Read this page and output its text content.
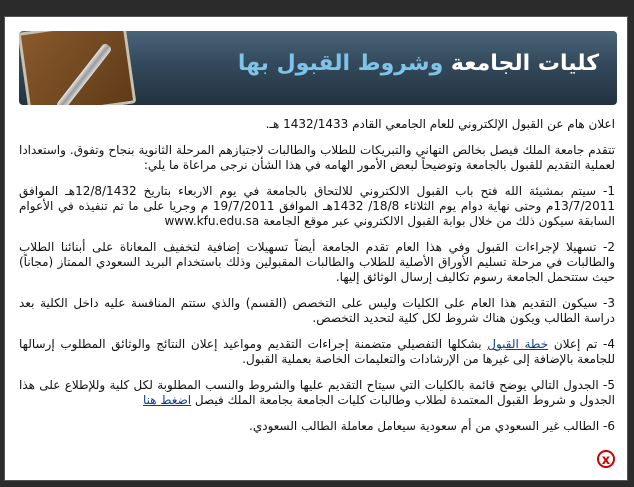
كليات الجامعة وشروط القبول بها

اعلان هام عن القبول الإلكتروني للعام الجامعي القادم 1432/1433 هـ.

تتقدم جامعة الملك فيصل بخالص التهاني والتبريكات للطلاب والطالبات لاجتيازهم المرحلة الثانوية بنجاح وتفوق. واستعدادا لعملية التقديم للقبول بالجامعة وتوضيحاً لبعض الأمور الهامه في هذا الشأن نرجى مراعاة ما يلي:

1- سيتم بمشيئة الله فتح باب القبول الالكتروني للالتحاق بالجامعة في يوم الاربعاء بتاريخ 12/8/1432هـ الموافق 13/7/2011م وحتى نهاية دوام يوم الثلاثاء 18/8/ 1432هـ الموافق 19/7/2011 م وجريا على ما تم تنفيذه في الأعوام السابقة سيكون ذلك من خلال بوابة القبول الالكتروني عبر موقع الجامعة www.kfu.edu.sa

2- تسهيلا لإجراءات القبول وفي هذا العام تقدم الجامعة أيضاً تسهيلات إضافية لتخفيف المعاناة على أبنائنا الطلاب والطالبات في مرحلة تسليم الأوراق الأصلية للطلاب والطالبات المقبولين وذلك باستخدام البريد السعودي الممتاز (مجاناً) حيث ستتحمل الجامعة رسوم تكاليف إرسال الوثائق إليها.

3- سيكون التقديم هذا العام على الكليات وليس على التخصص (القسم) والذي ستتم المنافسة عليه داخل الكلية بعد دراسة الطالب ويكون هناك شروط لكل كلية لتحديد التخصص.

4- تم إعلان خطة القبول بشكلها التفصيلي متضمنة إجراءات التقديم ومواعيد إعلان النتائج والوثائق المطلوب إرسالها للجامعة بالإضافة إلى غيرها من الإرشادات والتعليمات الخاصة بعملية القبول.

5- الجدول التالي يوضح قائمة بالكليات التي سيتاح التقديم عليها والشروط والنسب المطلوبة لكل كلية وللإطلاع على هذا الجدول و شروط القبول المعتمدة لطلاب وطالبات كليات الجامعة بجامعة الملك فيصل اضغط هنا

6- الطالب غير السعودي من أم سعودية سيعامل معاملة الطالب السعودي.

x
